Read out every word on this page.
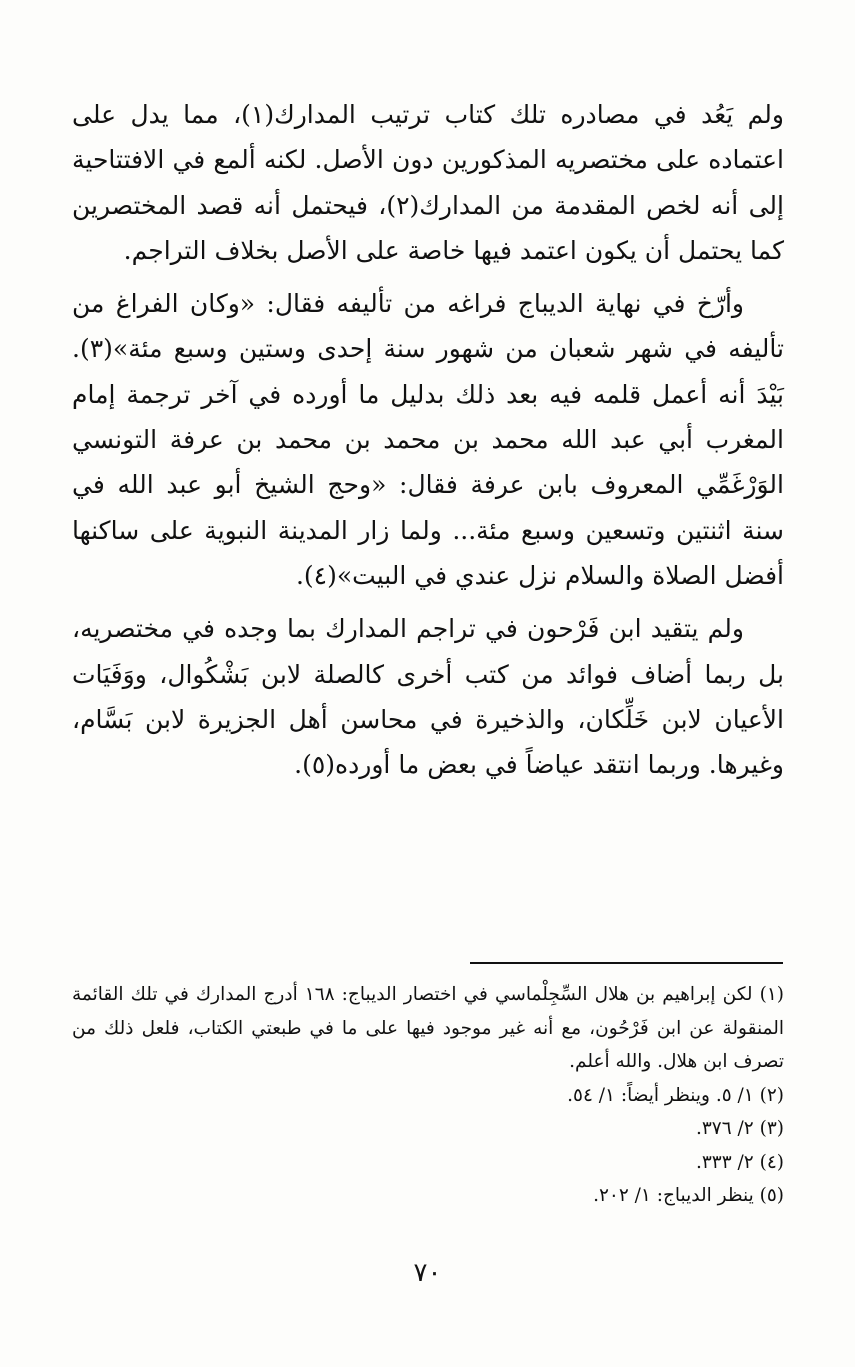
ولم يَعُد في مصادره تلك كتاب ترتيب المدارك(١)، مما يدل على اعتماده على مختصريه المذكورين دون الأصل. لكنه ألمع في الافتتاحية إلى أنه لخص المقدمة من المدارك(٢)، فيحتمل أنه قصد المختصرين كما يحتمل أن يكون اعتمد فيها خاصة على الأصل بخلاف التراجم.

وأرّخ في نهاية الديباج فراغه من تأليفه فقال: «وكان الفراغ من تأليفه في شهر شعبان من شهور سنة إحدى وستين وسبع مئة»(٣). بَيْدَ أنه أعمل قلمه فيه بعد ذلك بدليل ما أورده في آخر ترجمة إمام المغرب أبي عبد الله محمد بن محمد بن محمد بن عرفة التونسي الوَرْغَمِّي المعروف بابن عرفة فقال: «وحج الشيخ أبو عبد الله في سنة اثنتين وتسعين وسبع مئة... ولما زار المدينة النبوية على ساكنها أفضل الصلاة والسلام نزل عندي في البيت»(٤).

ولم يتقيد ابن فَرْحون في تراجم المدارك بما وجده في مختصريه، بل ربما أضاف فوائد من كتب أخرى كالصلة لابن بَشْكُوال، ووَفَيَات الأعيان لابن خَلِّكان، والذخيرة في محاسن أهل الجزيرة لابن بَسَّام، وغيرها. وربما انتقد عياضاً في بعض ما أورده(٥).

(١) لكن إبراهيم بن هلال السِّجِلْماسي في اختصار الديباج: ١٦٨ أدرج المدارك في تلك القائمة المنقولة عن ابن فَرْحُون، مع أنه غير موجود فيها على ما في طبعتي الكتاب، فلعل ذلك من تصرف ابن هلال. والله أعلم.

(٢) ١/ ٥. وينظر أيضاً: ١/ ٥٤.

(٣) ٢/ ٣٧٦.

(٤) ٢/ ٣٣٣.

(٥) ينظر الديباج: ١/ ٢٠٢.

٧٠
